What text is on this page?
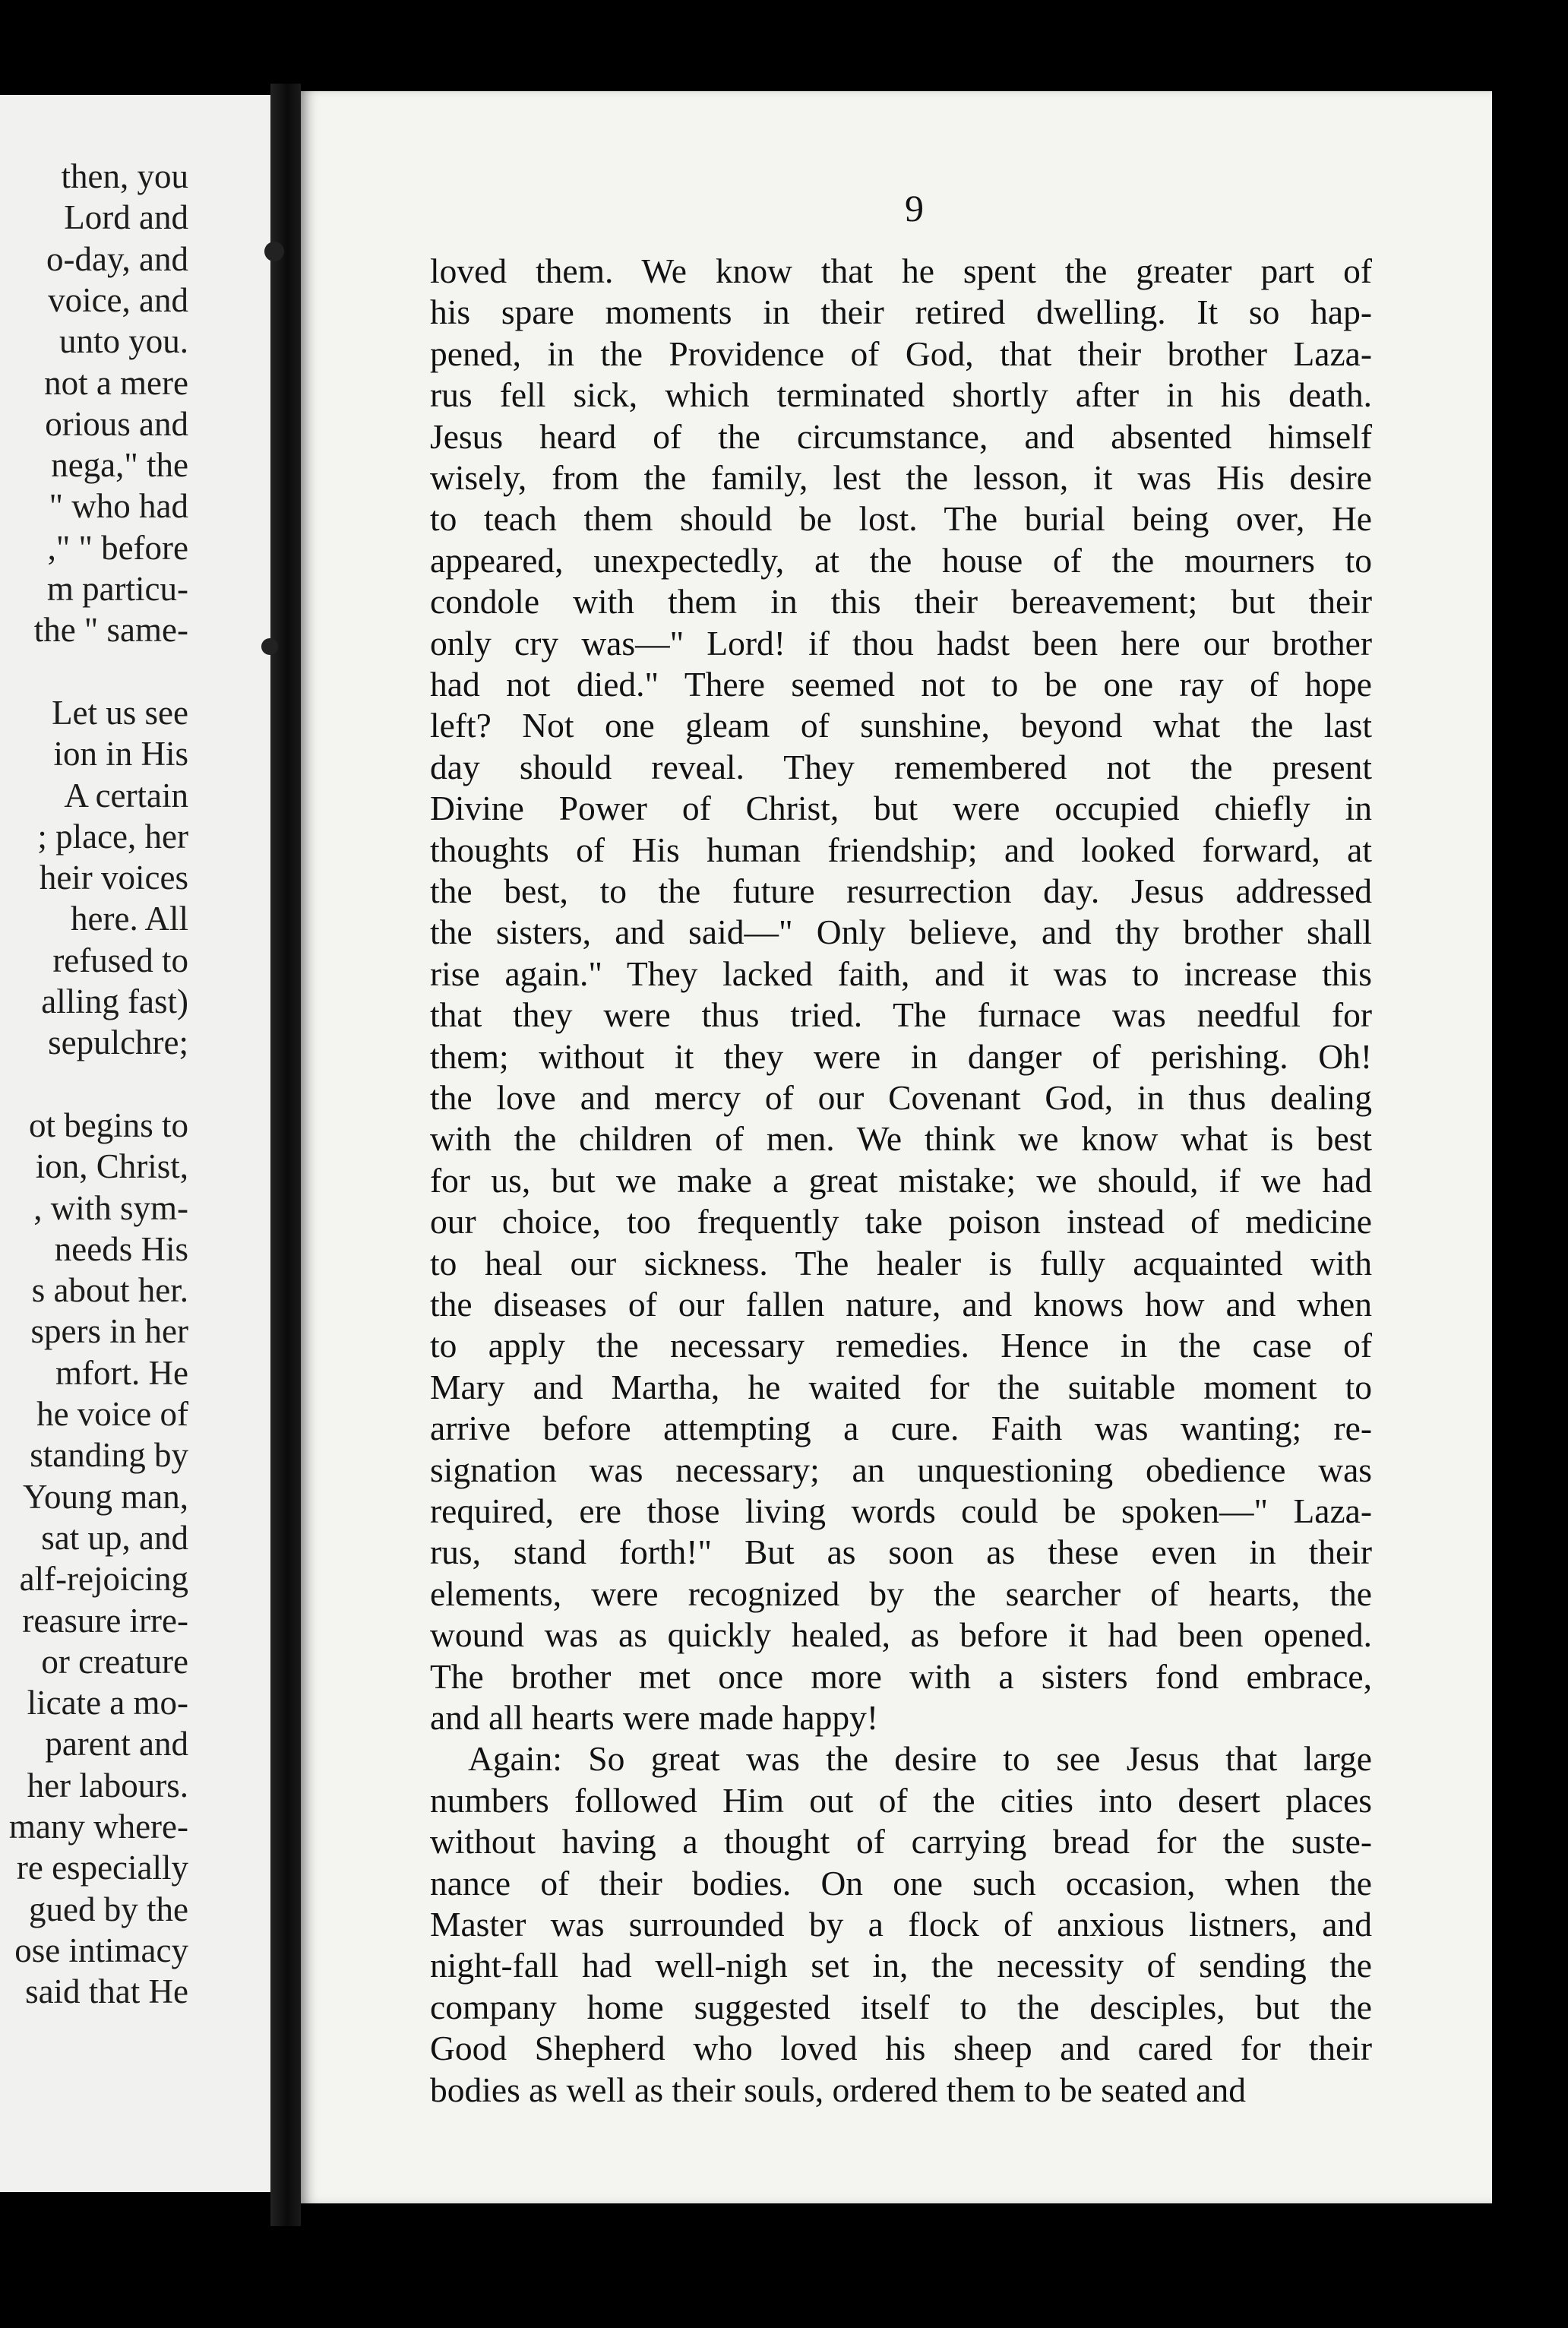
then, you
Lord and
o-day, and
voice, and
unto you.
not a mere
orious and
nega," the
" who had
," " before
m particu-
the " same-
Let us see
ion in His
A certain
; place, her
heir voices
here. All
refused to
alling fast)
sepulchre;
ot begins to
ion, Christ,
, with sym-
needs His
s about her.
spers in her
mfort. He
he voice of
standing by
Young man,
sat up, and
alf-rejoicing
reasure irre-
or creature
licate a mo-
parent and
her labours.
many where-
re especially
gued by the
ose intimacy
said that He
9
loved them. We know that he spent the greater part of
his spare moments in their retired dwelling. It so hap-
pened, in the Providence of God, that their brother Laza-
rus fell sick, which terminated shortly after in his death.
Jesus heard of the circumstance, and absented himself
wisely, from the family, lest the lesson, it was His desire
to teach them should be lost. The burial being over, He
appeared, unexpectedly, at the house of the mourners to
condole with them in this their bereavement; but their
only cry was—" Lord! if thou hadst been here our brother
had not died." There seemed not to be one ray of hope
left? Not one gleam of sunshine, beyond what the last
day should reveal. They remembered not the present
Divine Power of Christ, but were occupied chiefly in
thoughts of His human friendship; and looked forward, at
the best, to the future resurrection day. Jesus addressed
the sisters, and said—" Only believe, and thy brother shall
rise again." They lacked faith, and it was to increase this
that they were thus tried. The furnace was needful for
them; without it they were in danger of perishing. Oh!
the love and mercy of our Covenant God, in thus dealing
with the children of men. We think we know what is best
for us, but we make a great mistake; we should, if we had
our choice, too frequently take poison instead of medicine
to heal our sickness. The healer is fully acquainted with
the diseases of our fallen nature, and knows how and when
to apply the necessary remedies. Hence in the case of
Mary and Martha, he waited for the suitable moment to
arrive before attempting a cure. Faith was wanting; re-
signation was necessary; an unquestioning obedience was
required, ere those living words could be spoken—" Laza-
rus, stand forth!" But as soon as these even in their
elements, were recognized by the searcher of hearts, the
wound was as quickly healed, as before it had been opened.
The brother met once more with a sisters fond embrace,
and all hearts were made happy!
Again: So great was the desire to see Jesus that large
numbers followed Him out of the cities into desert places
without having a thought of carrying bread for the suste-
nance of their bodies. On one such occasion, when the
Master was surrounded by a flock of anxious listners, and
night-fall had well-nigh set in, the necessity of sending the
company home suggested itself to the desciples, but the
Good Shepherd who loved his sheep and cared for their
bodies as well as their souls, ordered them to be seated and
